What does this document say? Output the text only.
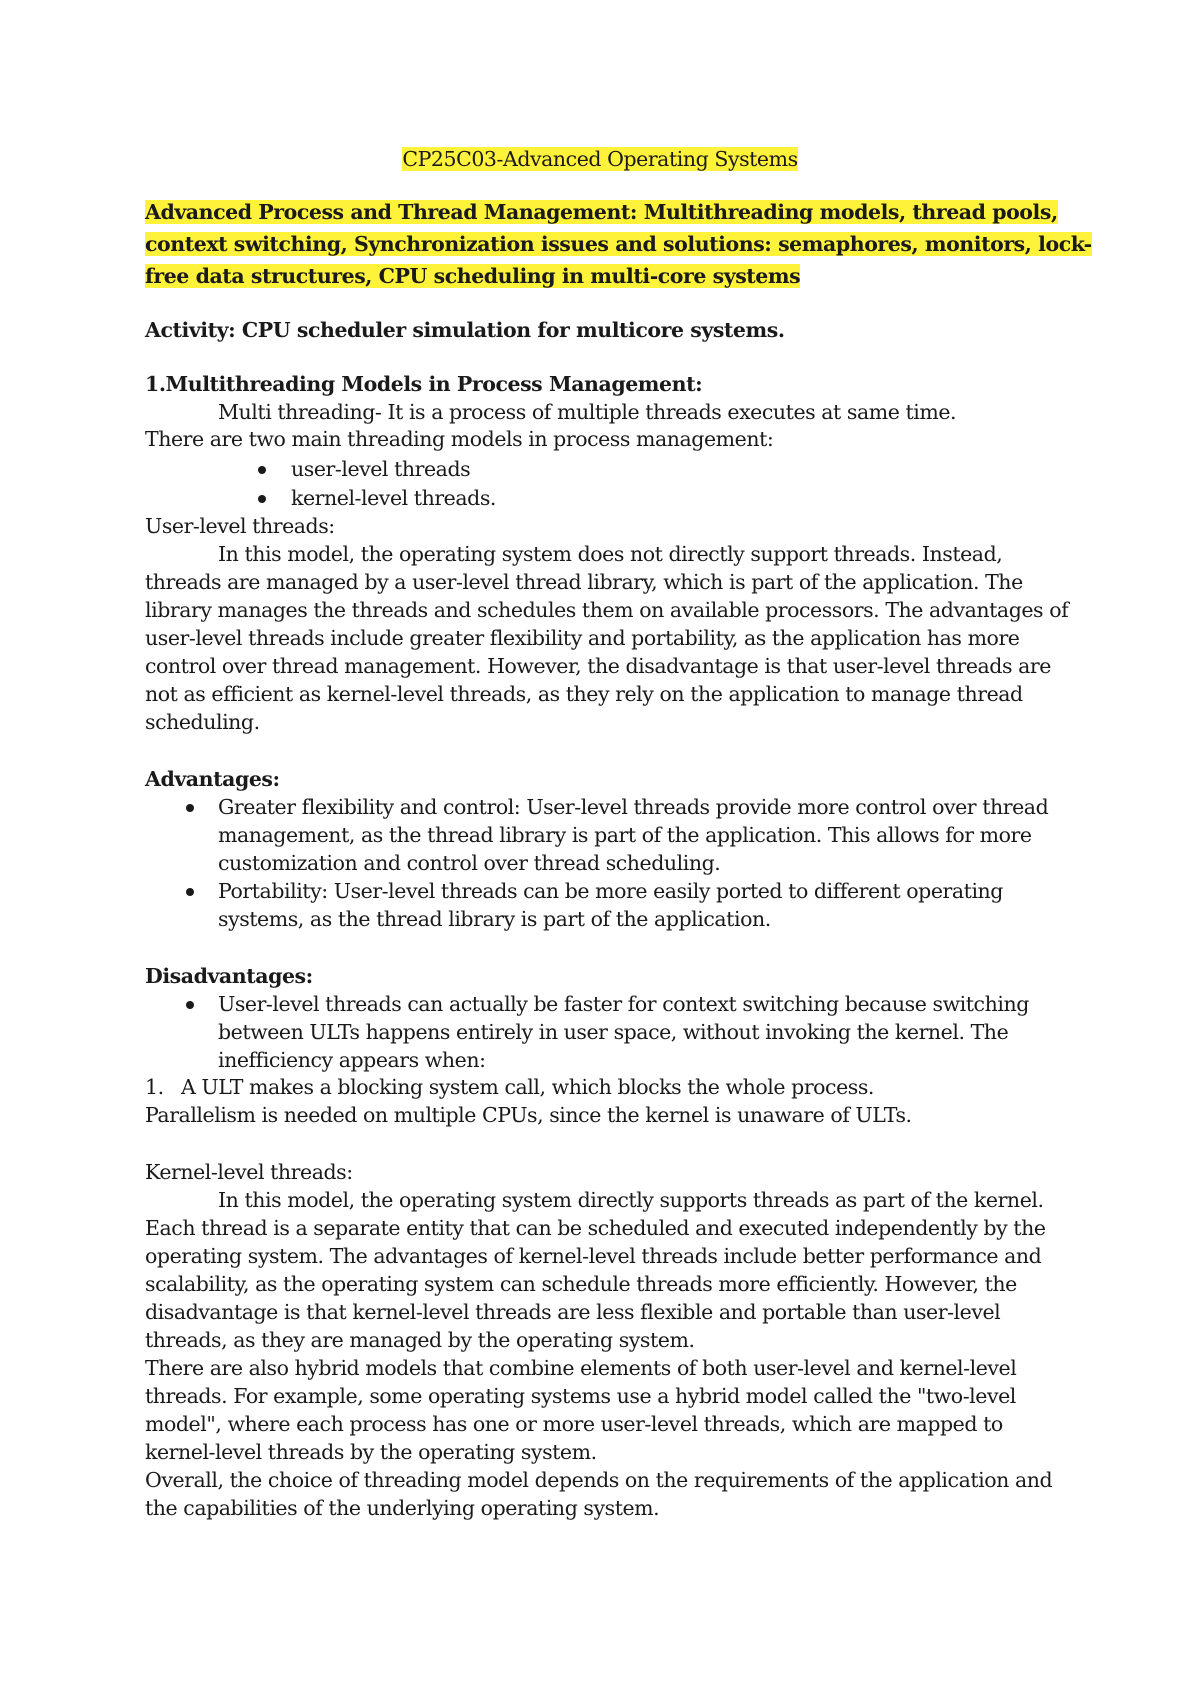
CP25C03-Advanced Operating Systems
Advanced Process and Thread Management: Multithreading models, thread pools,
context switching, Synchronization issues and solutions: semaphores, monitors, lock-
free data structures, CPU scheduling in multi-core systems
Activity: CPU scheduler simulation for multicore systems.
1.Multithreading Models in Process Management:
Multi threading- It is a process of multiple threads executes at same time.
There are two main threading models in process management:
user-level threads
kernel-level threads.
User-level threads:
In this model, the operating system does not directly support threads. Instead,
threads are managed by a user-level thread library, which is part of the application. The
library manages the threads and schedules them on available processors. The advantages of
user-level threads include greater flexibility and portability, as the application has more
control over thread management. However, the disadvantage is that user-level threads are
not as efficient as kernel-level threads, as they rely on the application to manage thread
scheduling.
Advantages:
Greater flexibility and control: User-level threads provide more control over thread
management, as the thread library is part of the application. This allows for more
customization and control over thread scheduling.
Portability: User-level threads can be more easily ported to different operating
systems, as the thread library is part of the application.
Disadvantages:
User-level threads can actually be faster for context switching because switching
between ULTs happens entirely in user space, without invoking the kernel. The
inefficiency appears when:
1. A ULT makes a blocking system call, which blocks the whole process.
Parallelism is needed on multiple CPUs, since the kernel is unaware of ULTs.
Kernel-level threads:
In this model, the operating system directly supports threads as part of the kernel.
Each thread is a separate entity that can be scheduled and executed independently by the
operating system. The advantages of kernel-level threads include better performance and
scalability, as the operating system can schedule threads more efficiently. However, the
disadvantage is that kernel-level threads are less flexible and portable than user-level
threads, as they are managed by the operating system.
There are also hybrid models that combine elements of both user-level and kernel-level
threads. For example, some operating systems use a hybrid model called the "two-level
model", where each process has one or more user-level threads, which are mapped to
kernel-level threads by the operating system.
Overall, the choice of threading model depends on the requirements of the application and
the capabilities of the underlying operating system.
